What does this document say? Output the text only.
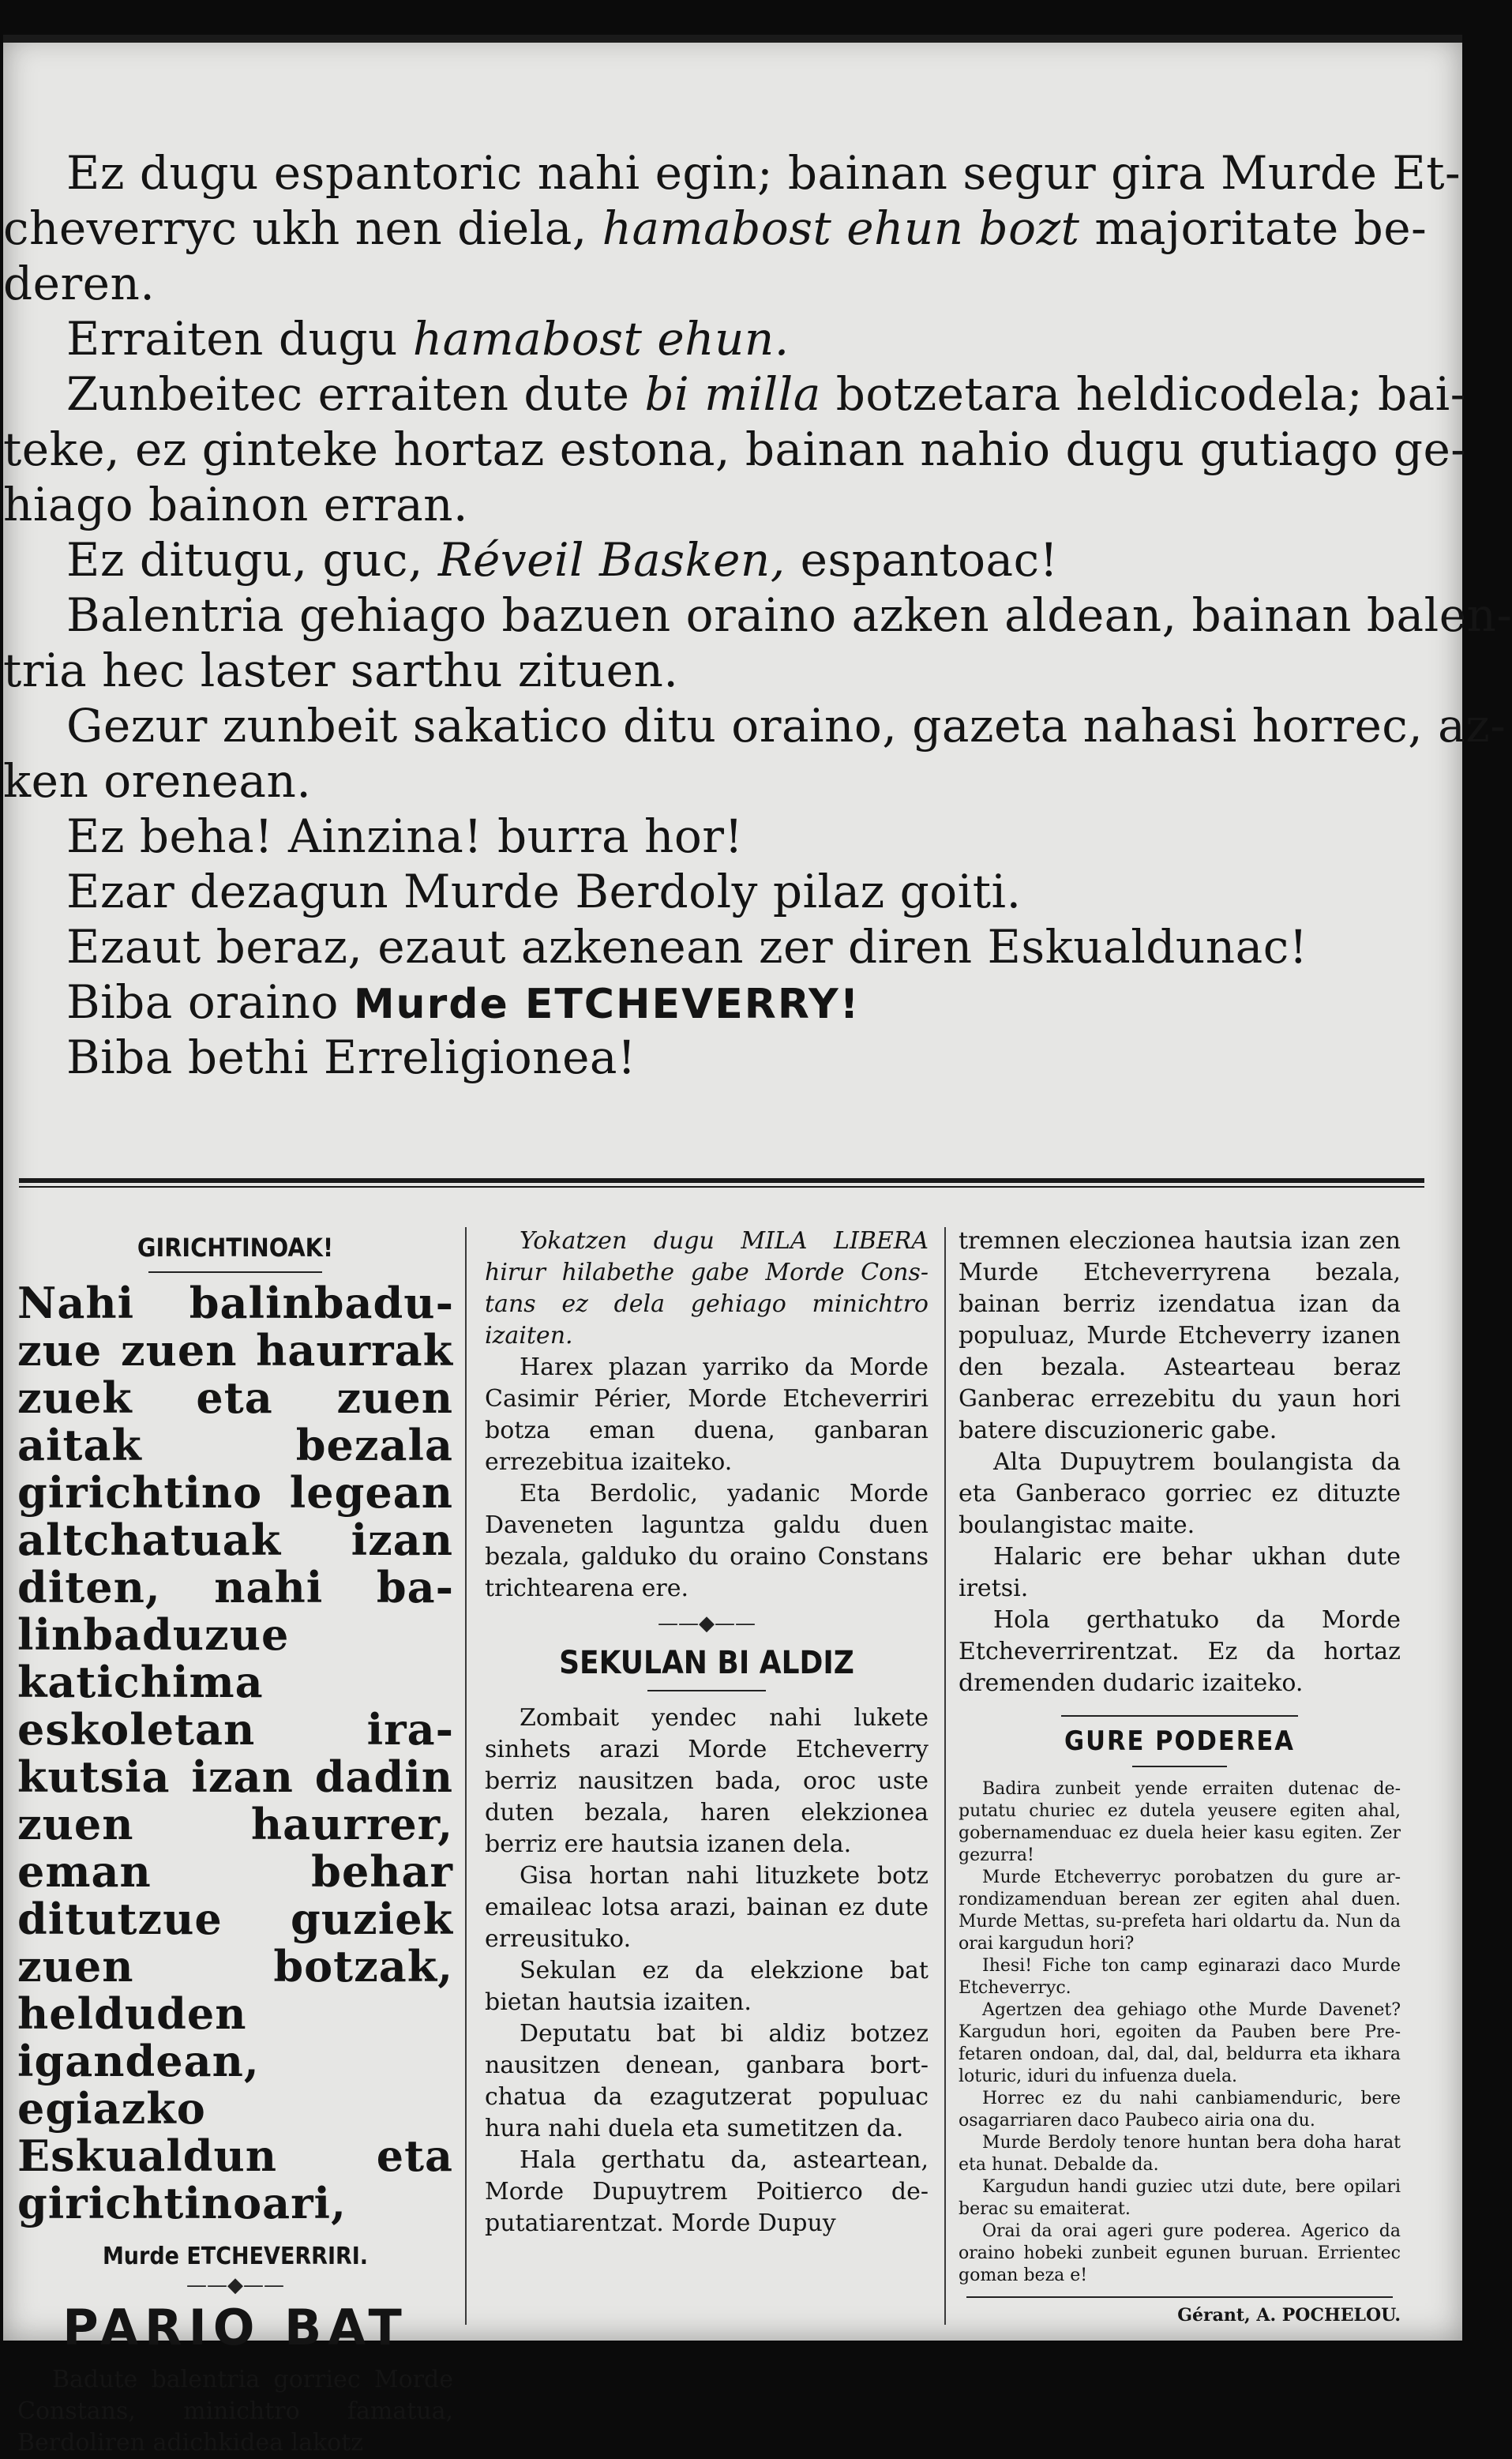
Ez dugu espantoric nahi egin; bainan segur gira Murde Et-
cheverryc ukh nen diela, hamabost ehun bozt majoritate be-
deren.
Erraiten dugu hamabost ehun.
Zunbeitec erraiten dute bi milla botzetara heldicodela; bai-
teke, ez ginteke hortaz estona, bainan nahio dugu gutiago ge-
hiago bainon erran.
Ez ditugu, guc, Réveil Basken, espantoac!
Balentria gehiago bazuen oraino azken aldean, bainan balen-
tria hec laster sarthu zituen.
Gezur zunbeit sakatico ditu oraino, gazeta nahasi horrec, az-
ken orenean.
Ez beha! Ainzina! burra hor!
Ezar dezagun Murde Berdoly pilaz goiti.
Ezaut beraz, ezaut azkenean zer diren Eskualdunac!
Biba oraino Murde ETCHEVERRY!
Biba bethi Erreligionea!
GIRICHTINOAK!
Nahi balinbaduzue zuen haurrak zuek eta zuen aitak bezala girichtino legean altchatuak izan diten, nahi balinbaduzue katichima eskoletan irakutsia izan dadin zuen haurrer, eman behar ditutzue guziek zuen botzak, helduden igandean, egiazko Eskualdun eta girichtinoari,
Murde ETCHEVERRIRI.
——◆——
PARIO BAT

Badute balentria gorriec Morde Constans, minichtro famatua, Berdoliren adichkidea lakotz

Yokatzen dugu MILA LIBERA hirur hilabethe gabe Morde Constans ez dela gehiago minichtro izaiten.

Harex plazan yarriko da Morde Casimir Périer, Morde Etcheverriri botza eman duena, ganbaran errezebitua izaiteko.

Eta Berdolic, yadanic Morde Daveneten laguntza galdu duen bezala, galduko du oraino Constans trichtearena ere.

——◆——
SEKULAN BI ALDIZ

Zombait yendec nahi lukete sinhets arazi Morde Etcheverry berriz nausitzen bada, oroc uste duten bezala, haren elekzionea berriz ere hautsia izanen dela.

Gisa hortan nahi lituzkete botz emaileac lotsa arazi, bainan ez dute erreusituko.

Sekulan ez da elekzione bat bietan hautsia izaiten.

Deputatu bat bi aldiz botzez nausitzen denean, ganbara bortchatua da ezagutzerat populuac hura nahi duela eta sumetitzen da.

Hala gerthatu da, asteartean, Morde Dupuytrem Poitierco deputatiarentzat. Morde Dupuy

tremnen eleczionea hautsia izan zen Murde Etcheverryrena bezala, bainan berriz izendatua izan da populuaz, Murde Etcheverry izanen den bezala. Astearteau beraz Ganberac errezebitu du yaun hori batere discuzioneric gabe.

Alta Dupuytrem boulangista da eta Ganberaco gorriec ez dituzte boulangistac maite.

Halaric ere behar ukhan dute iretsi.

Hola gerthatuko da Morde Etcheverrirentzat. Ez da hortaz dremenden dudaric izaiteko.

GURE PODEREA

Badira zunbeit yende erraiten dutenac deputatu churiec ez dutela yeusere egiten ahal, gobernamenduac ez duela heier kasu egiten. Zer gezurra!

Murde Etcheverryc porobatzen du gure arrondizamenduan berean zer egiten ahal duen. Murde Mettas, su-prefeta hari oldartu da. Nun da orai kargudun hori?

Ihesi! Fiche ton camp eginarazi daco Murde Etcheverryc.

Agertzen dea gehiago othe Murde Davenet? Kargudun hori, egoiten da Pauben bere Prefetaren ondoan, dal, dal, dal, beldurra eta ikhara loturic, iduri du infuenza duela.

Horrec ez du nahi canbiamenduric, bere osagarriaren daco Paubeco airia ona du.

Murde Berdoly tenore huntan bera doha harat eta hunat. Debalde da.

Kargudun handi guziec utzi dute, bere opilari berac su emaiterat.

Orai da orai ageri gure poderea. Agerico da oraino hobeki zunbeit egunen buruan. Errientec goman beza e!

Gérant, A. POCHELOU.
